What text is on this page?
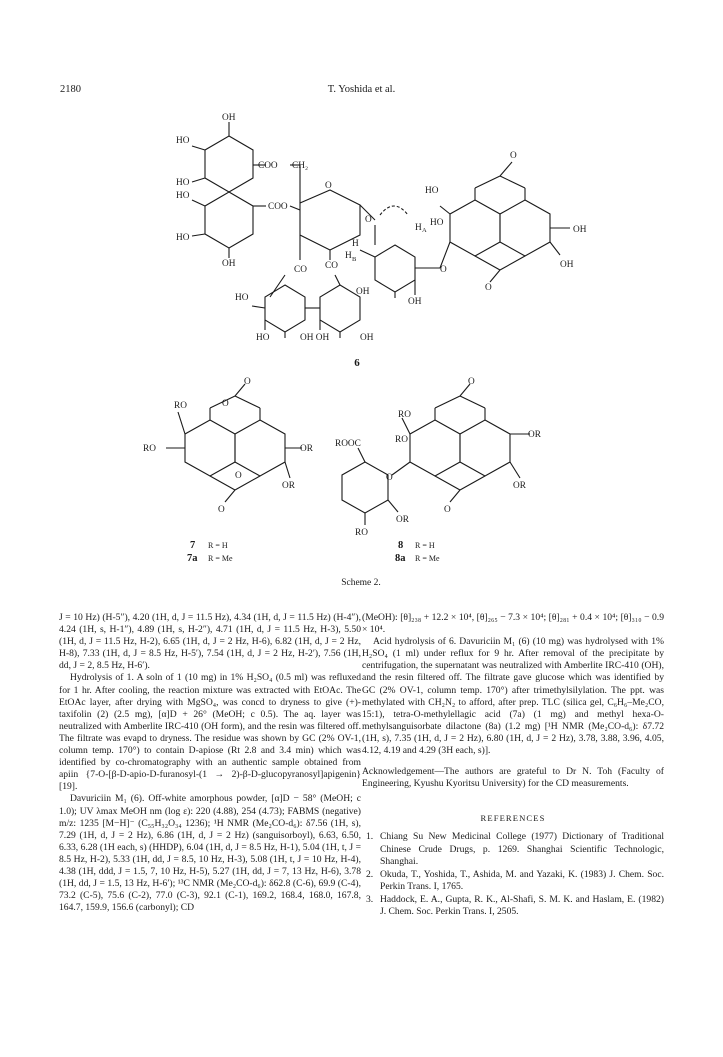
2180	T. Yoshida et al.
OH
HO
HO
HO
HO
OH
COO
COO
CH₂
O
CO CO
HO
HO	OH OH	OH
OH
OH
H
H A
H B
HO
HO
O
O
OH
OH
O
O
6
RO
RO	OR
OR
O
O
O
O
RO
RO	OR
OR
O
O
ROOC
RO
OR
O
7 R = H
7a R = Me
8 R = H
8a R = Me
Scheme 2.

J = 10 Hz) (H-5″), 4.20 (1H, d, J = 11.5 Hz), 4.34 (1H, d, J = 11.5 Hz) (H-4″), 4.24 (1H, s, H-1″), 4.89 (1H, s, H-2″), 4.71 (1H, d, J = 11.5 Hz, H-3), 5.50 (1H, d, J = 11.5 Hz, H-2), 6.65 (1H, d, J = 2 Hz, H-6), 6.82 (1H, d, J = 2 Hz, H-8), 7.33 (1H, d, J = 8.5 Hz, H-5′), 7.54 (1H, d, J = 2 Hz, H-2′), 7.56 (1H, dd, J = 2, 8.5 Hz, H-6′).

Hydrolysis of 1. A soln of 1 (10 mg) in 1% H₂SO₄ (0.5 ml) was refluxed for 1 hr. After cooling, the reaction mixture was extracted with EtOAc. The EtOAc layer, after drying with MgSO₄, was concd to dryness to give (+)-taxifolin (2) (2.5 mg), [α]D + 26° (MeOH; c 0.5). The aq. layer was neutralized with Amberlite IRC-410 (OH form), and the resin was filtered off. The filtrate was evapd to dryness. The residue was shown by GC (2% OV-1, column temp. 170°) to contain D-apiose (Rt 2.8 and 3.4 min) which was identified by co-chromatography with an authentic sample obtained from apiin {7-O-[β-D-apio-D-furanosyl-(1 → 2)-β-D-glucopyranosyl]apigenin} [19].

Davuriciin M₁ (6). Off-white amorphous powder, [α]D − 58° (MeOH; c 1.0); UV λmax MeOH nm (log ε): 220 (4.88), 254 (4.73); FABMS (negative) m/z: 1235 [M−H]⁻ (C₅₅H₃₂O₃₄ 1236); ¹H NMR (Me₂CO-d₆): δ7.56 (1H, s), 7.29 (1H, d, J = 2 Hz), 6.86 (1H, d, J = 2 Hz) (sanguisorboyl), 6.63, 6.50, 6.33, 6.28 (1H each, s) (HHDP), 6.04 (1H, d, J = 8.5 Hz, H-1), 5.04 (1H, t, J = 8.5 Hz, H-2), 5.33 (1H, dd, J = 8.5, 10 Hz, H-3), 5.08 (1H, t, J = 10 Hz, H-4), 4.38 (1H, ddd, J = 1.5, 7, 10 Hz, H-5), 5.27 (1H, dd, J = 7, 13 Hz, H-6), 3.78 (1H, dd, J = 1.5, 13 Hz, H-6′); ¹³C NMR (Me₂CO-d₆): δ62.8 (C-6), 69.9 (C-4), 73.2 (C-5), 75.6 (C-2), 77.0 (C-3), 92.1 (C-1), 169.2, 168.4, 168.0, 167.8, 164.7, 159.9, 156.6 (carbonyl); CD

(MeOH): [θ]₂₃₈ + 12.2 × 10⁴, [θ]₂₆₅ − 7.3 × 10⁴; [θ]₂₈₁ + 0.4 × 10⁴; [θ]₃₁₀ − 0.9 × 10⁴.

Acid hydrolysis of 6. Davuriciin M₁ (6) (10 mg) was hydrolysed with 1% H₂SO₄ (1 ml) under reflux for 9 hr. After removal of the precipitate by centrifugation, the supernatant was neutralized with Amberlite IRC-410 (OH), and the resin filtered off. The filtrate gave glucose which was identified by GC (2% OV-1, column temp. 170°) after trimethylsilylation. The ppt. was methylated with CH₂N₂ to afford, after prep. TLC (silica gel, C₆H₆–Me₂CO, 15:1), tetra-O-methylellagic acid (7a) (1 mg) and methyl hexa-O-methylsanguisorbate dilactone (8a) (1.2 mg) [¹H NMR (Me₂CO-d₆): δ7.72 (1H, s), 7.35 (1H, d, J = 2 Hz), 6.80 (1H, d, J = 2 Hz), 3.78, 3.88, 3.96, 4.05, 4.12, 4.19 and 4.29 (3H each, s)].

Acknowledgement—The authors are grateful to Dr N. Toh (Faculty of Engineering, Kyushu Kyoritsu University) for the CD measurements.

REFERENCES
1. Chiang Su New Medicinal College (1977) Dictionary of Traditional Chinese Crude Drugs, p. 1269. Shanghai Scientific Technologic, Shanghai.
2. Okuda, T., Yoshida, T., Ashida, M. and Yazaki, K. (1983) J. Chem. Soc. Perkin Trans. I, 1765.
3. Haddock, E. A., Gupta, R. K., Al-Shafi, S. M. K. and Haslam, E. (1982) J. Chem. Soc. Perkin Trans. I, 2505.
